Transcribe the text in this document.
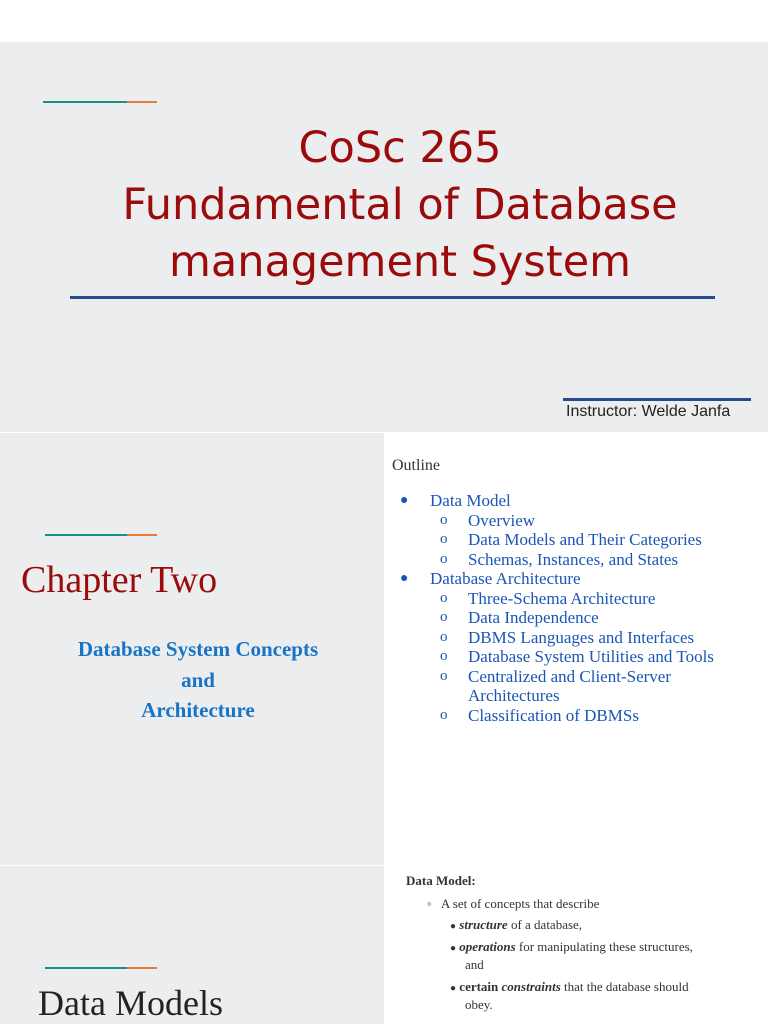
CoSc 265
Fundamental of Database
management System
Instructor: Welde Janfa
Chapter Two
Database System Concepts
and
Architecture
Outline
● Data Model
o Overview
o Data Models and Their Categories
o Schemas, Instances, and States
● Database Architecture
o Three-Schema Architecture
o Data Independence
o DBMS Languages and Interfaces
o Database System Utilities and Tools
o Centralized and Client-Server Architectures
o Classification of DBMSs
Data Models
Data Model:
◦ A set of concepts that describe
● structure of a database,
● operations for manipulating these structures,
and
● certain constraints that the database should
obey.
